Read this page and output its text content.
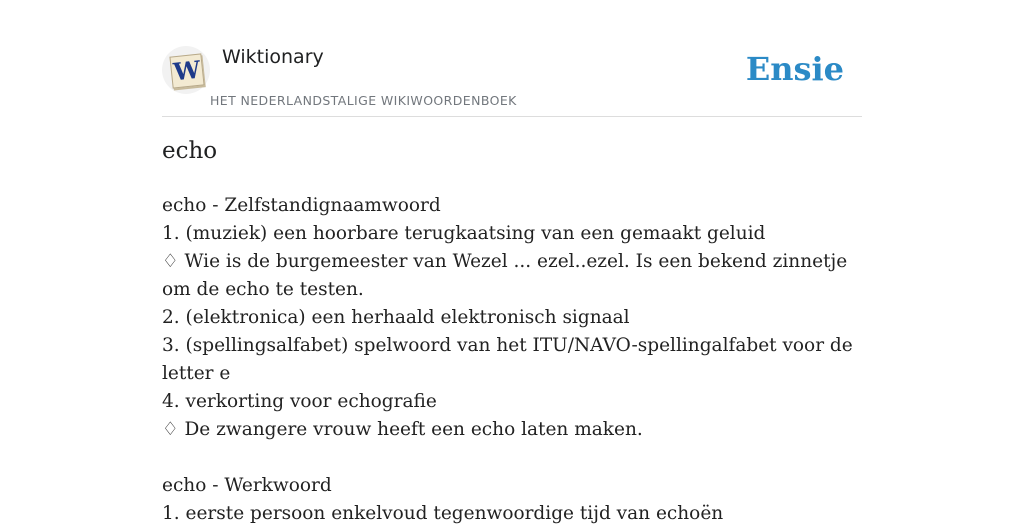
W Wiktionary
HET NEDERLANDSTALIGE WIKIWOORDENBOEK
Ensie
echo
echo - Zelfstandignaamwoord
1. (muziek) een hoorbare terugkaatsing van een gemaakt geluid
♢ Wie is de burgemeester van Wezel ... ezel..ezel. Is een bekend zinnetje om de echo te testen.
2. (elektronica) een herhaald elektronisch signaal
3. (spellingsalfabet) spelwoord van het ITU/NAVO-spellingalfabet voor de letter e
4. verkorting voor echografie
♢ De zwangere vrouw heeft een echo laten maken.
echo - Werkwoord
1. eerste persoon enkelvoud tegenwoordige tijd van echoën
